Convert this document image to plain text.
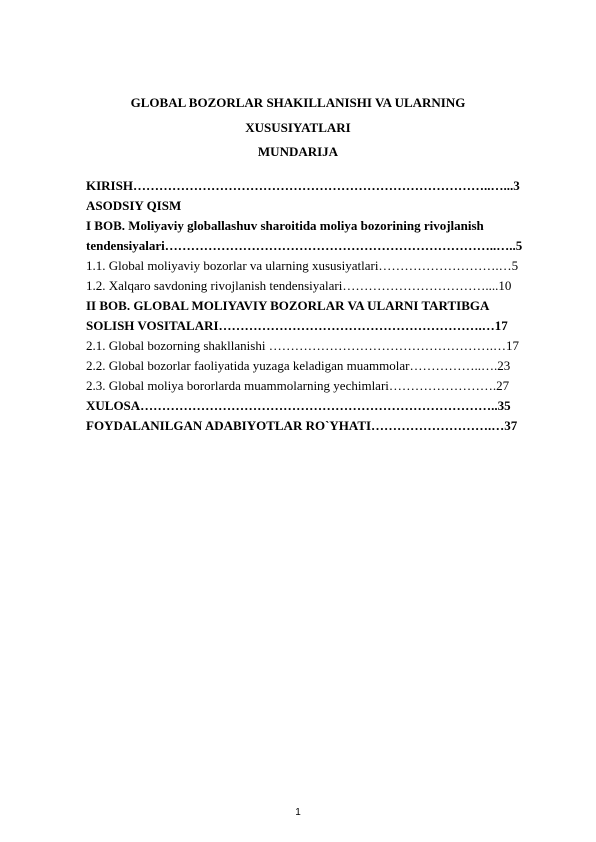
GLOBAL BOZORLAR SHAKILLANISHI VA ULARNING
XUSUSIYATLARI
MUNDARIJA
KIRISH………………………………………………………………………..…...3
ASODSIY QISM
I BOB. Moliyaviy globallashuv sharoitida moliya bozorining rivojlanish
tendensiyalari…………………………………………………………………..…..5
1.1. Global moliyaviy bozorlar va ularning xususiyatlari……………………….…5
1.2. Xalqaro savdoning rivojlanish tendensiyalari……………………………....10
II BOB. GLOBAL MOLIYAVIY BOZORLAR VA ULARNI TARTIBGA
SOLISH VOSITALARI…………………………………………………….…17
2.1. Global bozorning shakllanishi …………………………………………….…17
2.2. Global bozorlar faoliyatida yuzaga keladigan muammolar……………..….23
2.3. Global moliya bororlarda muammolarning yechimlari…………………….27
XULOSA………………………………………………………………………..35
FOYDALANILGAN ADABIYOTLAR RO`YHATI……………………….…37
1
